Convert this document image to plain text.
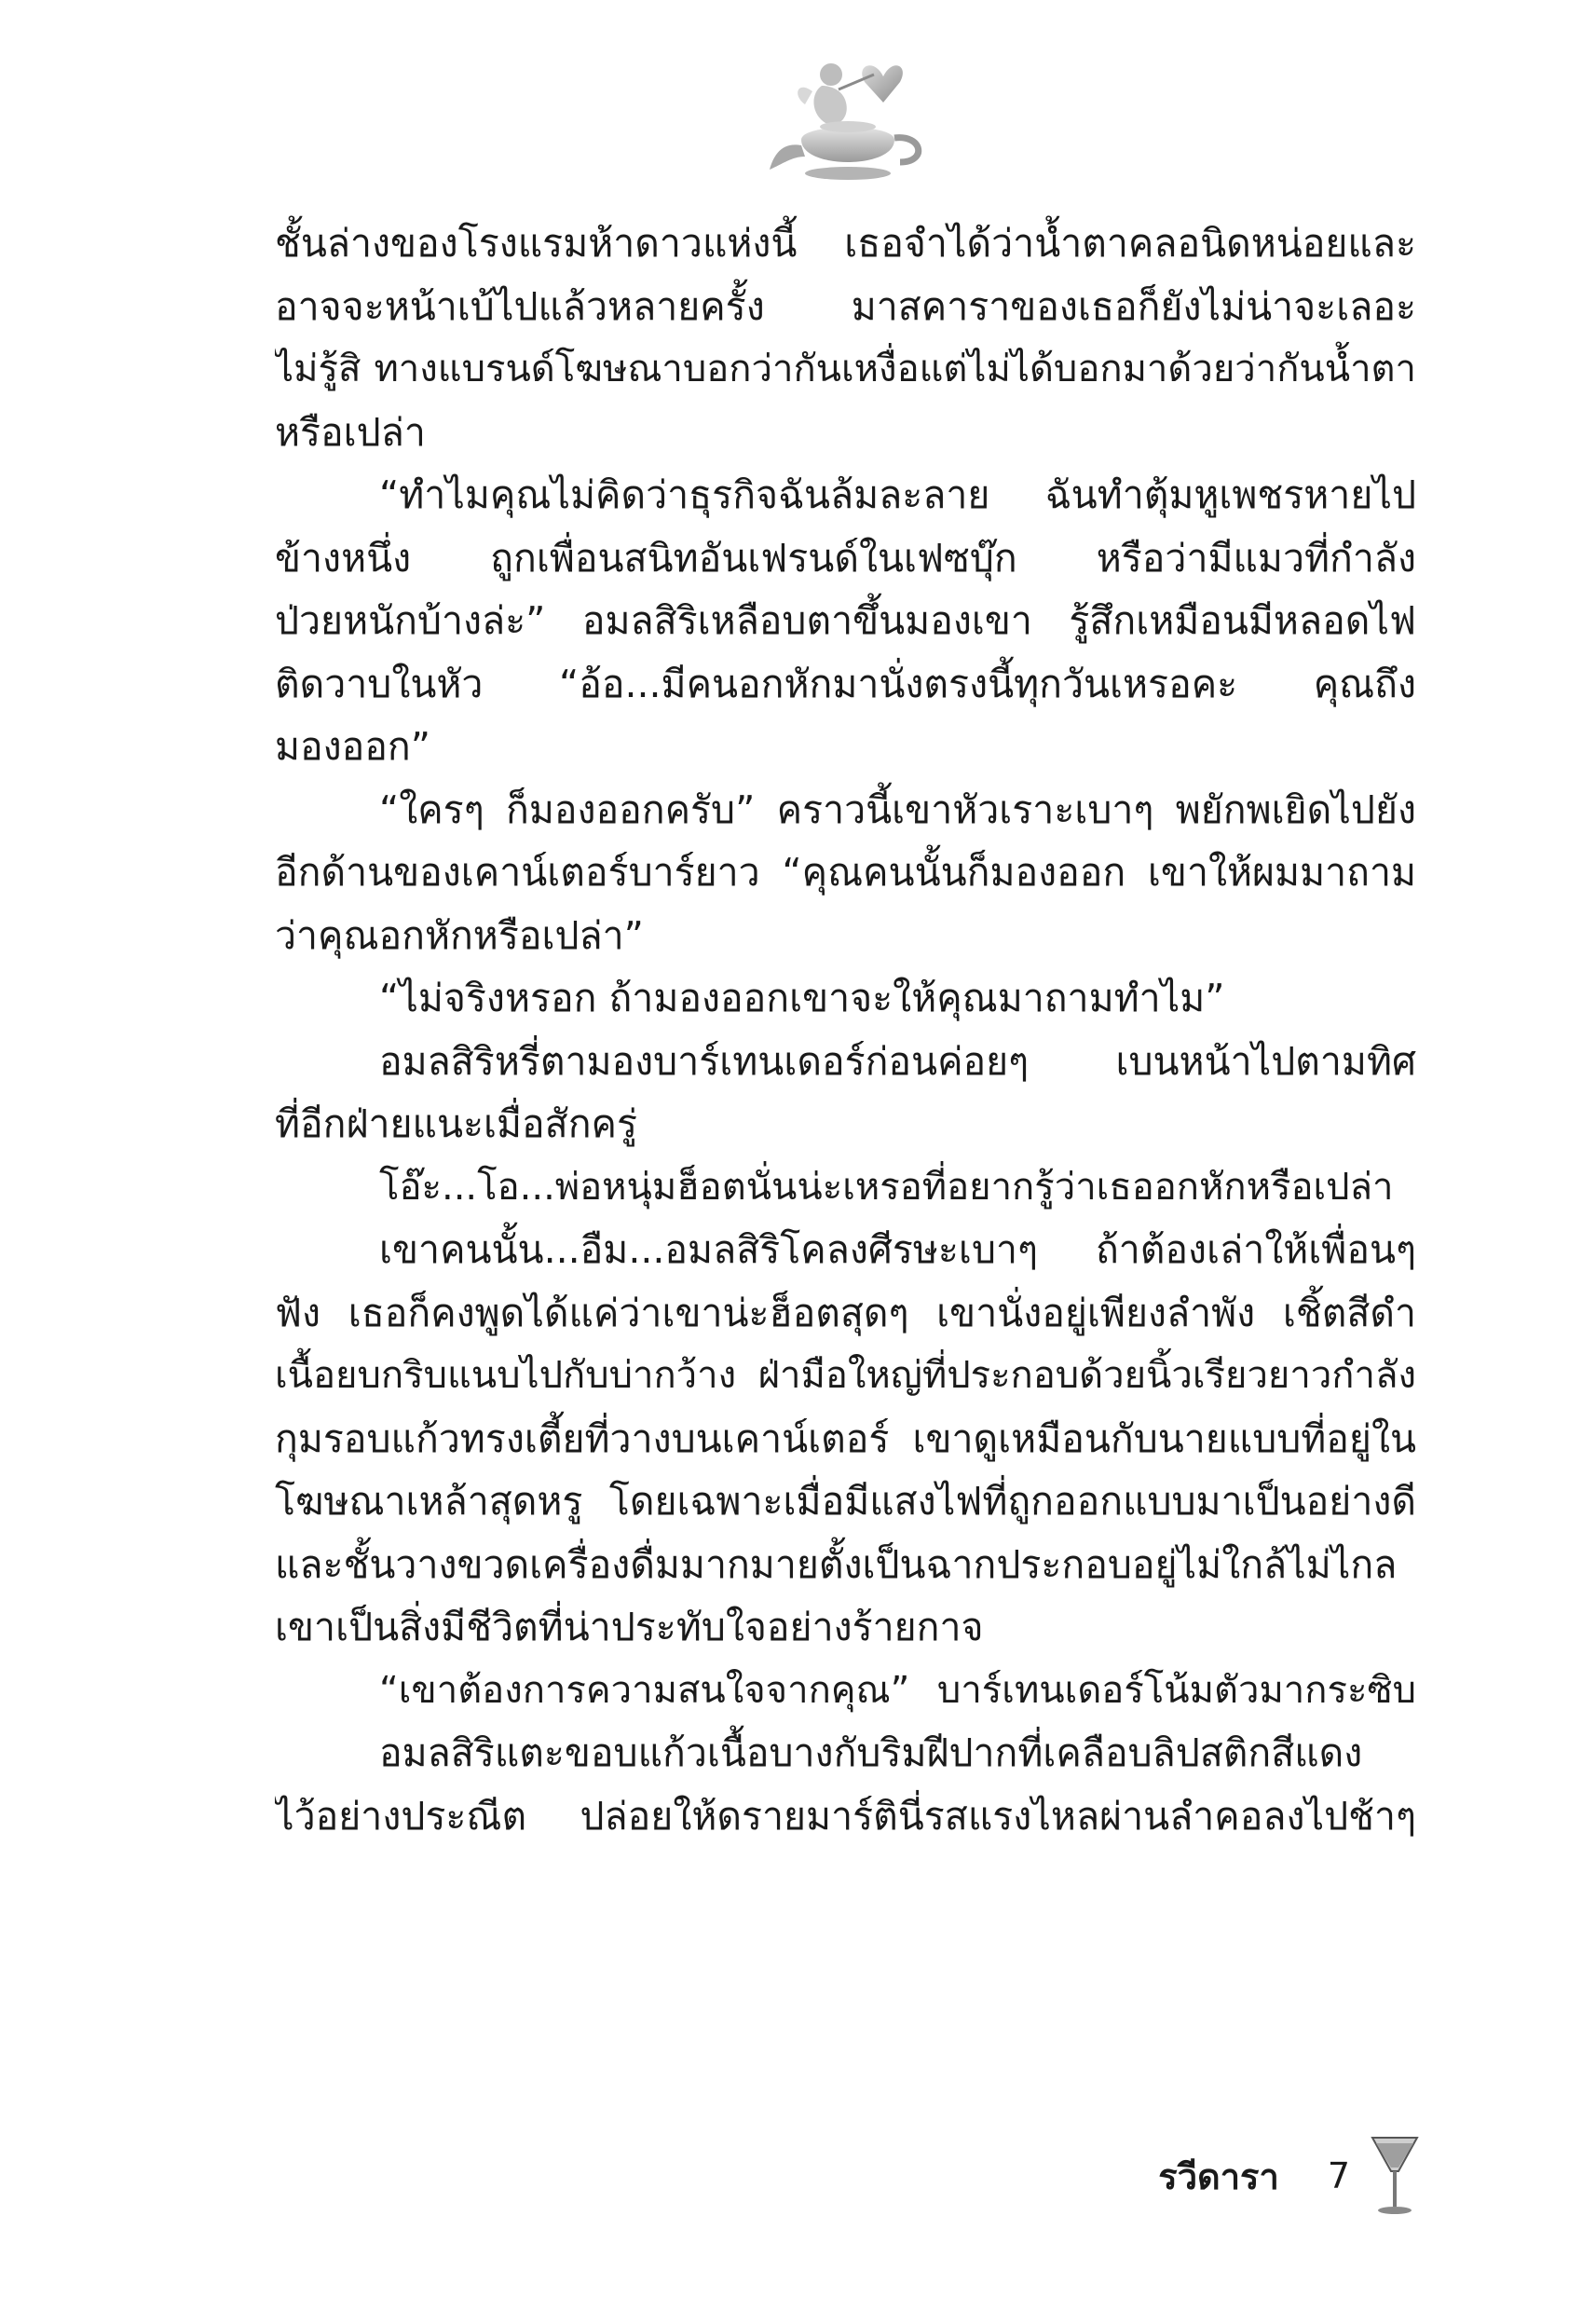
ชั้นล่างของโรงแรมห้าดาวแห่งนี้ เธอจำได้ว่าน้ำตาคลอนิดหน่อยและ
อาจจะหน้าเบ้ไปแล้วหลายครั้ง มาสคาราของเธอก็ยังไม่น่าจะเลอะ
ไม่รู้สิ ทางแบรนด์โฆษณาบอกว่ากันเหงื่อแต่ไม่ได้บอกมาด้วยว่ากันน้ำตา
หรือเปล่า
“ทำไมคุณไม่คิดว่าธุรกิจฉันล้มละลาย ฉันทำตุ้มหูเพชรหายไป
ข้างหนึ่ง ถูกเพื่อนสนิทอันเฟรนด์ในเฟซบุ๊ก หรือว่ามีแมวที่กำลัง
ป่วยหนักบ้างล่ะ” อมลสิริเหลือบตาขึ้นมองเขา รู้สึกเหมือนมีหลอดไฟ
ติดวาบในหัว “อ้อ...มีคนอกหักมานั่งตรงนี้ทุกวันเหรอคะ คุณถึง
มองออก”
“ใครๆ ก็มองออกครับ” คราวนี้เขาหัวเราะเบาๆ พยักพเยิดไปยัง
อีกด้านของเคาน์เตอร์บาร์ยาว “คุณคนนั้นก็มองออก เขาให้ผมมาถาม
ว่าคุณอกหักหรือเปล่า”
“ไม่จริงหรอก ถ้ามองออกเขาจะให้คุณมาถามทำไม”
อมลสิริหรี่ตามองบาร์เทนเดอร์ก่อนค่อยๆ เบนหน้าไปตามทิศ
ที่อีกฝ่ายแนะเมื่อสักครู่
โอ๊ะ...โอ...พ่อหนุ่มฮ็อตนั่นน่ะเหรอที่อยากรู้ว่าเธออกหักหรือเปล่า
เขาคนนั้น...อืม...อมลสิริโคลงศีรษะเบาๆ ถ้าต้องเล่าให้เพื่อนๆ
ฟัง เธอก็คงพูดได้แค่ว่าเขาน่ะฮ็อตสุดๆ เขานั่งอยู่เพียงลำพัง เชิ้ตสีดำ
เนื้อยบกริบแนบไปกับบ่ากว้าง ฝ่ามือใหญ่ที่ประกอบด้วยนิ้วเรียวยาวกำลัง
กุมรอบแก้วทรงเตี้ยที่วางบนเคาน์เตอร์ เขาดูเหมือนกับนายแบบที่อยู่ใน
โฆษณาเหล้าสุดหรู โดยเฉพาะเมื่อมีแสงไฟที่ถูกออกแบบมาเป็นอย่างดี
และชั้นวางขวดเครื่องดื่มมากมายตั้งเป็นฉากประกอบอยู่ไม่ใกล้ไม่ไกล
เขาเป็นสิ่งมีชีวิตที่น่าประทับใจอย่างร้ายกาจ
“เขาต้องการความสนใจจากคุณ” บาร์เทนเดอร์โน้มตัวมากระซิบ
อมลสิริแตะขอบแก้วเนื้อบางกับริมฝีปากที่เคลือบลิปสติกสีแดง
ไว้อย่างประณีต ปล่อยให้ดรายมาร์ตินี่รสแรงไหลผ่านลำคอลงไปช้าๆ
รวีดารา 7
